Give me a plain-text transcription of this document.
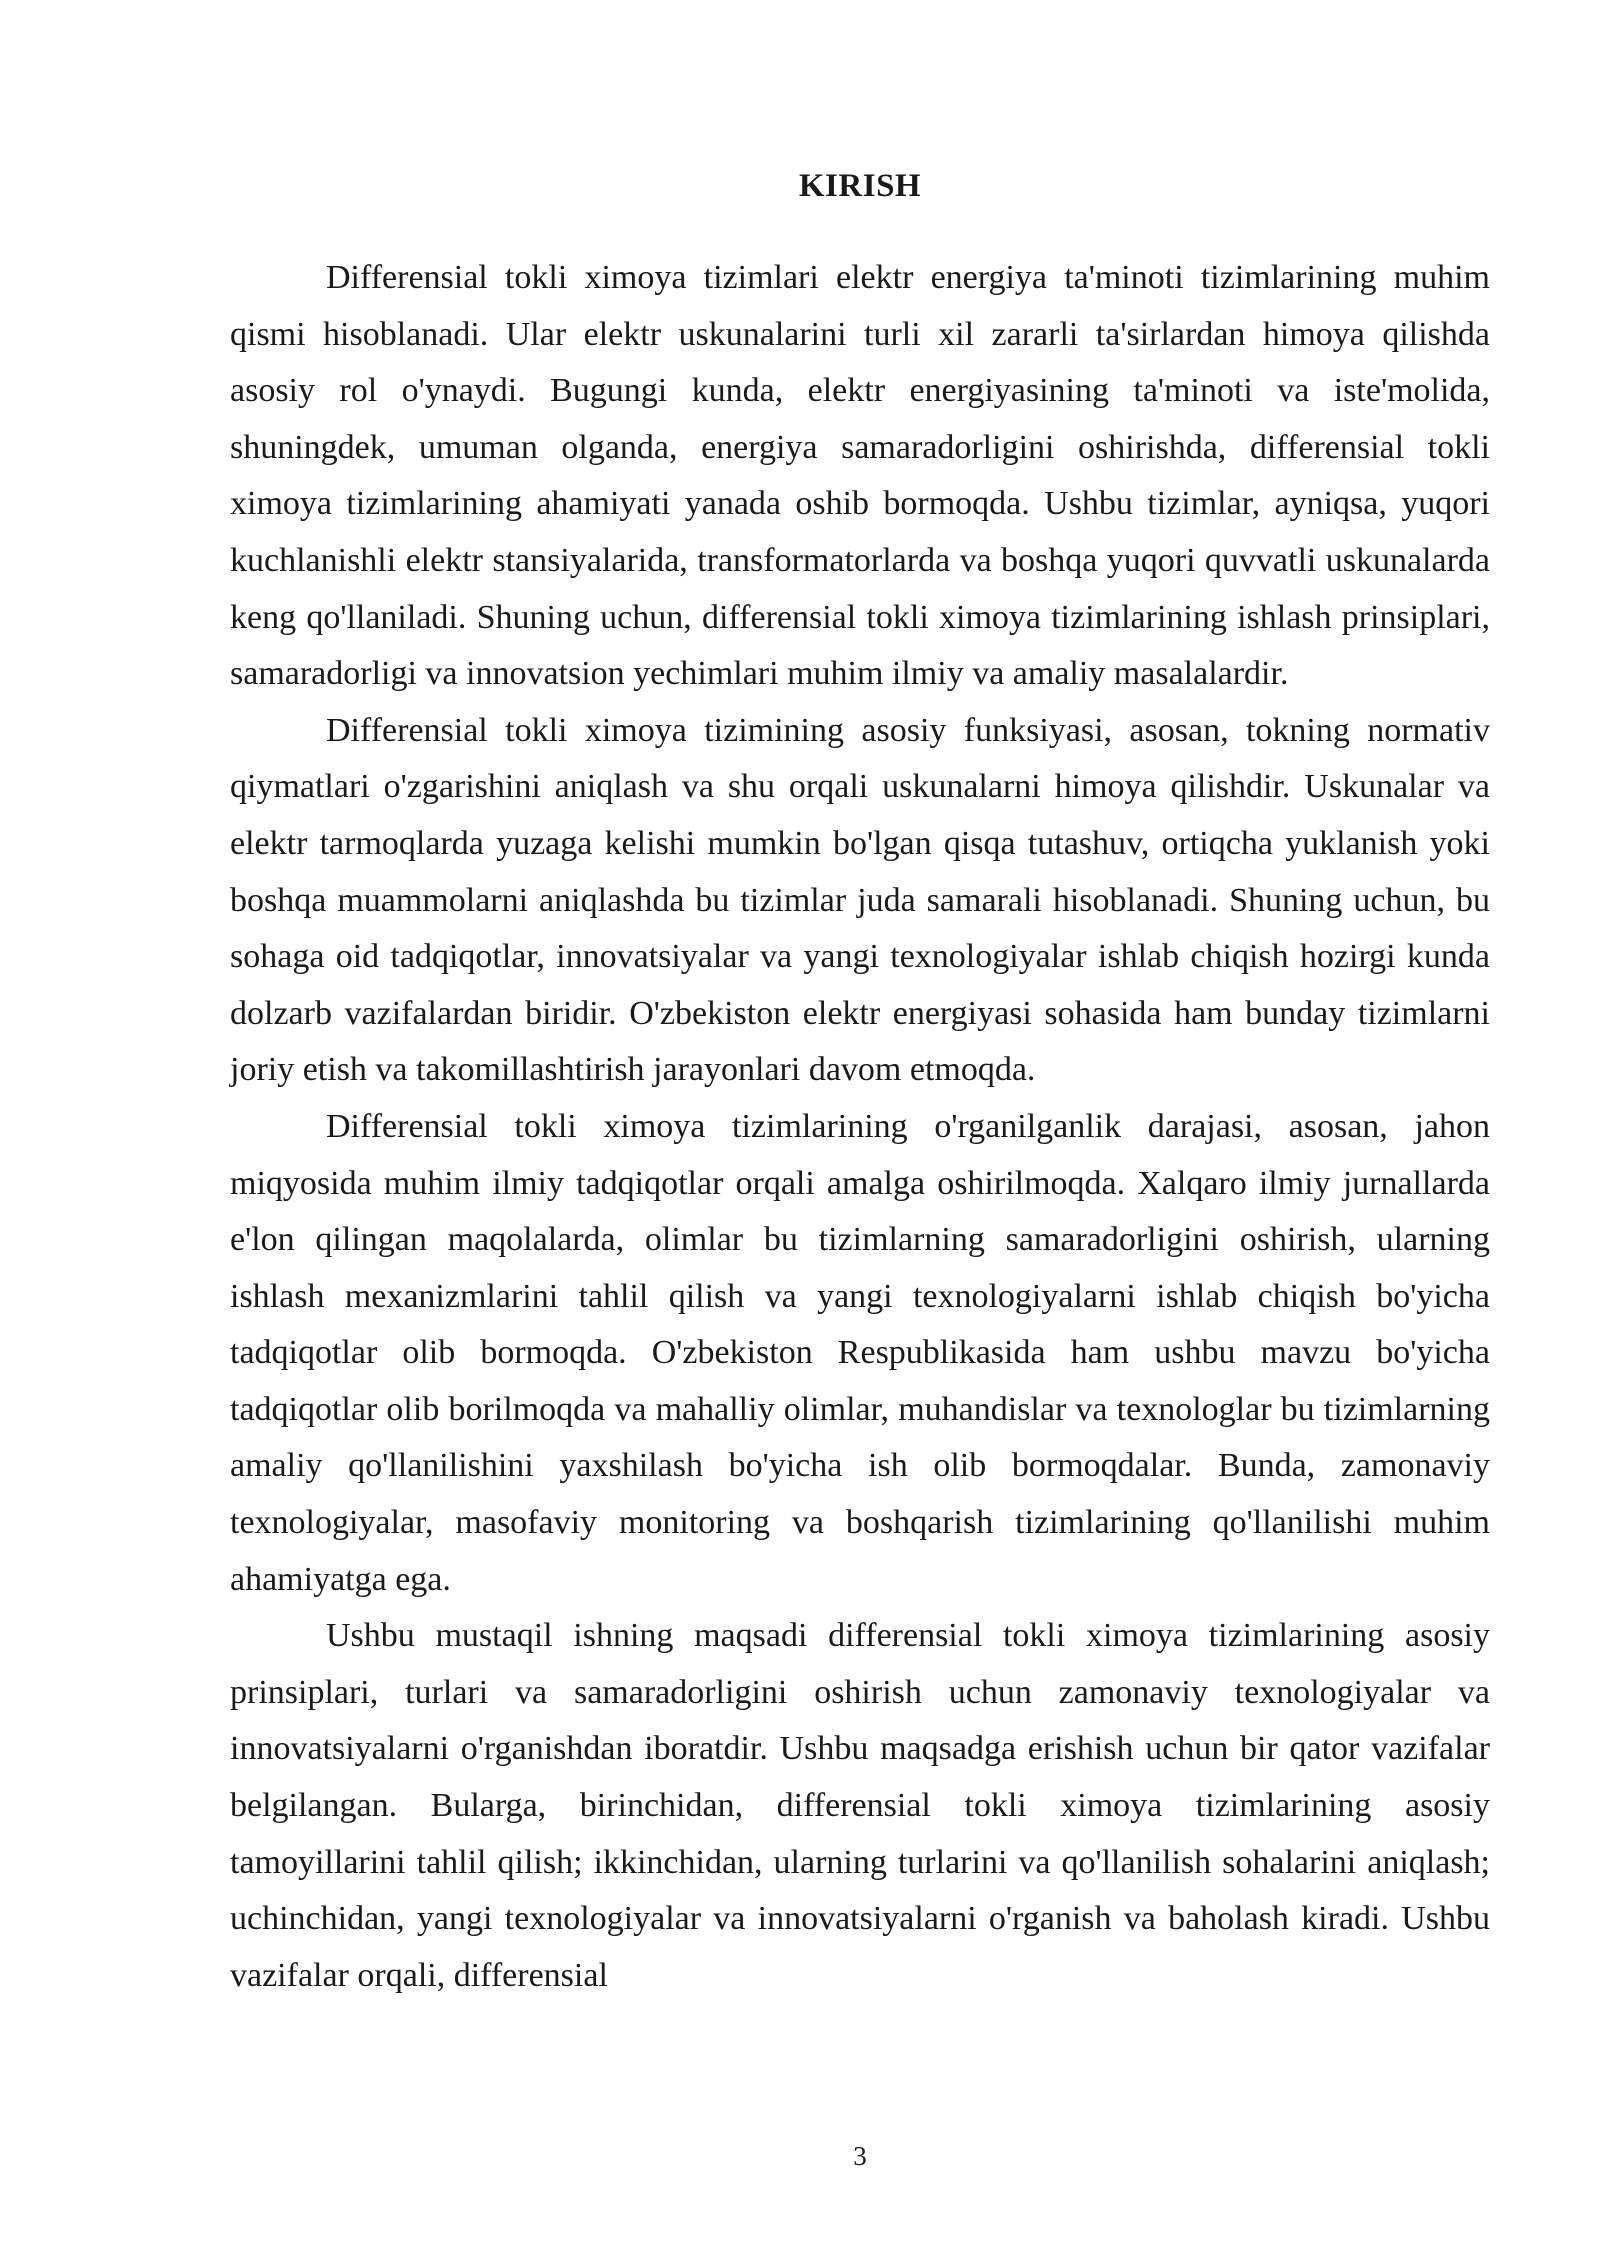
KIRISH

Differensial tokli ximoya tizimlari elektr energiya ta'minoti tizimlarining muhim qismi hisoblanadi. Ular elektr uskunalarini turli xil zararli ta'sirlardan himoya qilishda asosiy rol o'ynaydi. Bugungi kunda, elektr energiyasining ta'minoti va iste'molida, shuningdek, umuman olganda, energiya samaradorligini oshirishda, differensial tokli ximoya tizimlarining ahamiyati yanada oshib bormoqda. Ushbu tizimlar, ayniqsa, yuqori kuchlanishli elektr stansiyalarida, transformatorlarda va boshqa yuqori quvvatli uskunalarda keng qo'llaniladi. Shuning uchun, differensial tokli ximoya tizimlarining ishlash prinsiplari, samaradorligi va innovatsion yechimlari muhim ilmiy va amaliy masalalardir.

Differensial tokli ximoya tizimining asosiy funksiyasi, asosan, tokning normativ qiymatlari o'zgarishini aniqlash va shu orqali uskunalarni himoya qilishdir. Uskunalar va elektr tarmoqlarda yuzaga kelishi mumkin bo'lgan qisqa tutashuv, ortiqcha yuklanish yoki boshqa muammolarni aniqlashda bu tizimlar juda samarali hisoblanadi. Shuning uchun, bu sohaga oid tadqiqotlar, innovatsiyalar va yangi texnologiyalar ishlab chiqish hozirgi kunda dolzarb vazifalardan biridir. O'zbekiston elektr energiyasi sohasida ham bunday tizimlarni joriy etish va takomillashtirish jarayonlari davom etmoqda.

Differensial tokli ximoya tizimlarining o'rganilganlik darajasi, asosan, jahon miqyosida muhim ilmiy tadqiqotlar orqali amalga oshirilmoqda. Xalqaro ilmiy jurnallarda e'lon qilingan maqolalarda, olimlar bu tizimlarning samaradorligini oshirish, ularning ishlash mexanizmlarini tahlil qilish va yangi texnologiyalarni ishlab chiqish bo'yicha tadqiqotlar olib bormoqda. O'zbekiston Respublikasida ham ushbu mavzu bo'yicha tadqiqotlar olib borilmoqda va mahalliy olimlar, muhandislar va texnologlar bu tizimlarning amaliy qo'llanilishini yaxshilash bo'yicha ish olib bormoqdalar. Bunda, zamonaviy texnologiyalar, masofaviy monitoring va boshqarish tizimlarining qo'llanilishi muhim ahamiyatga ega.

Ushbu mustaqil ishning maqsadi differensial tokli ximoya tizimlarining asosiy prinsiplari, turlari va samaradorligini oshirish uchun zamonaviy texnologiyalar va innovatsiyalarni o'rganishdan iboratdir. Ushbu maqsadga erishish uchun bir qator vazifalar belgilangan. Bularga, birinchidan, differensial tokli ximoya tizimlarining asosiy tamoyillarini tahlil qilish; ikkinchidan, ularning turlarini va qo'llanilish sohalarini aniqlash; uchinchidan, yangi texnologiyalar va innovatsiyalarni o'rganish va baholash kiradi. Ushbu vazifalar orqali, differensial

3
